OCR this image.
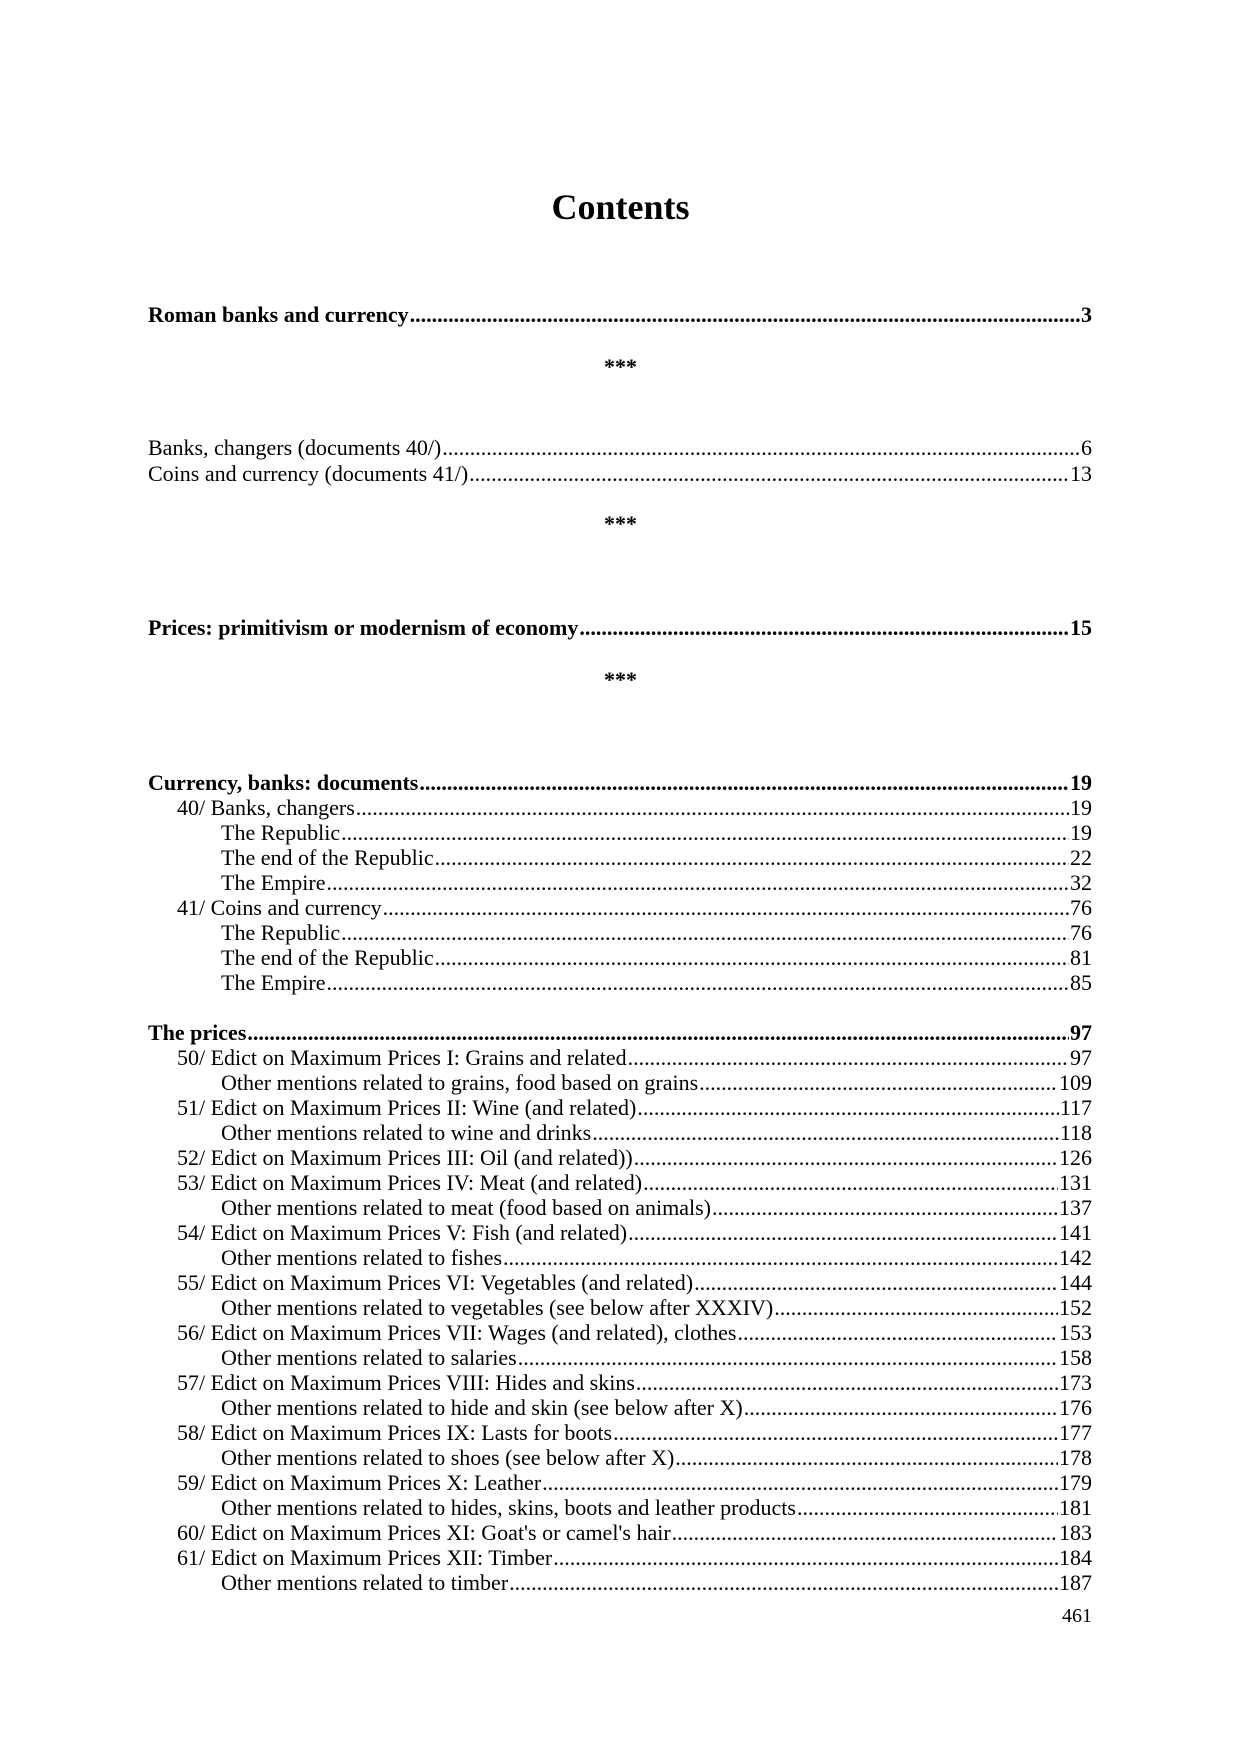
Contents
Roman banks and currency .....	3
Banks, changers (documents 40/) .....	6
Coins and currency (documents 41/) .....	13
Prices: primitivism or modernism of economy .....	15
Currency, banks: documents .....	19
40/ Banks, changers .....	19
The Republic .....	19
The end of the Republic .....	22
The Empire .....	32
41/ Coins and currency .....	76
The Republic .....	76
The end of the Republic .....	81
The Empire .....	85
The prices .....	97
50/ Edict on Maximum Prices I: Grains and related .....	97
Other mentions related to grains, food based on grains .....	109
51/ Edict on Maximum Prices II: Wine (and related) .....	117
Other mentions related to wine and drinks .....	118
52/ Edict on Maximum Prices III: Oil (and related)) .....	126
53/ Edict on Maximum Prices IV: Meat (and related) .....	131
Other mentions related to meat (food based on animals) .....	137
54/ Edict on Maximum Prices V: Fish (and related) .....	141
Other mentions related to fishes .....	142
55/ Edict on Maximum Prices VI: Vegetables (and related) .....	144
Other mentions related to vegetables (see below after XXXIV) .....	152
56/ Edict on Maximum Prices VII: Wages (and related), clothes .....	153
Other mentions related to salaries .....	158
57/ Edict on Maximum Prices VIII: Hides and skins .....	173
Other mentions related to hide and skin (see below after X) .....	176
58/ Edict on Maximum Prices IX: Lasts for boots .....	177
Other mentions related to shoes (see below after X) .....	178
59/ Edict on Maximum Prices X: Leather .....	179
Other mentions related to hides, skins, boots and leather products .....	181
60/ Edict on Maximum Prices XI: Goat's or camel's hair .....	183
61/ Edict on Maximum Prices XII: Timber .....	184
Other mentions related to timber .....	187
***
***
***
461
